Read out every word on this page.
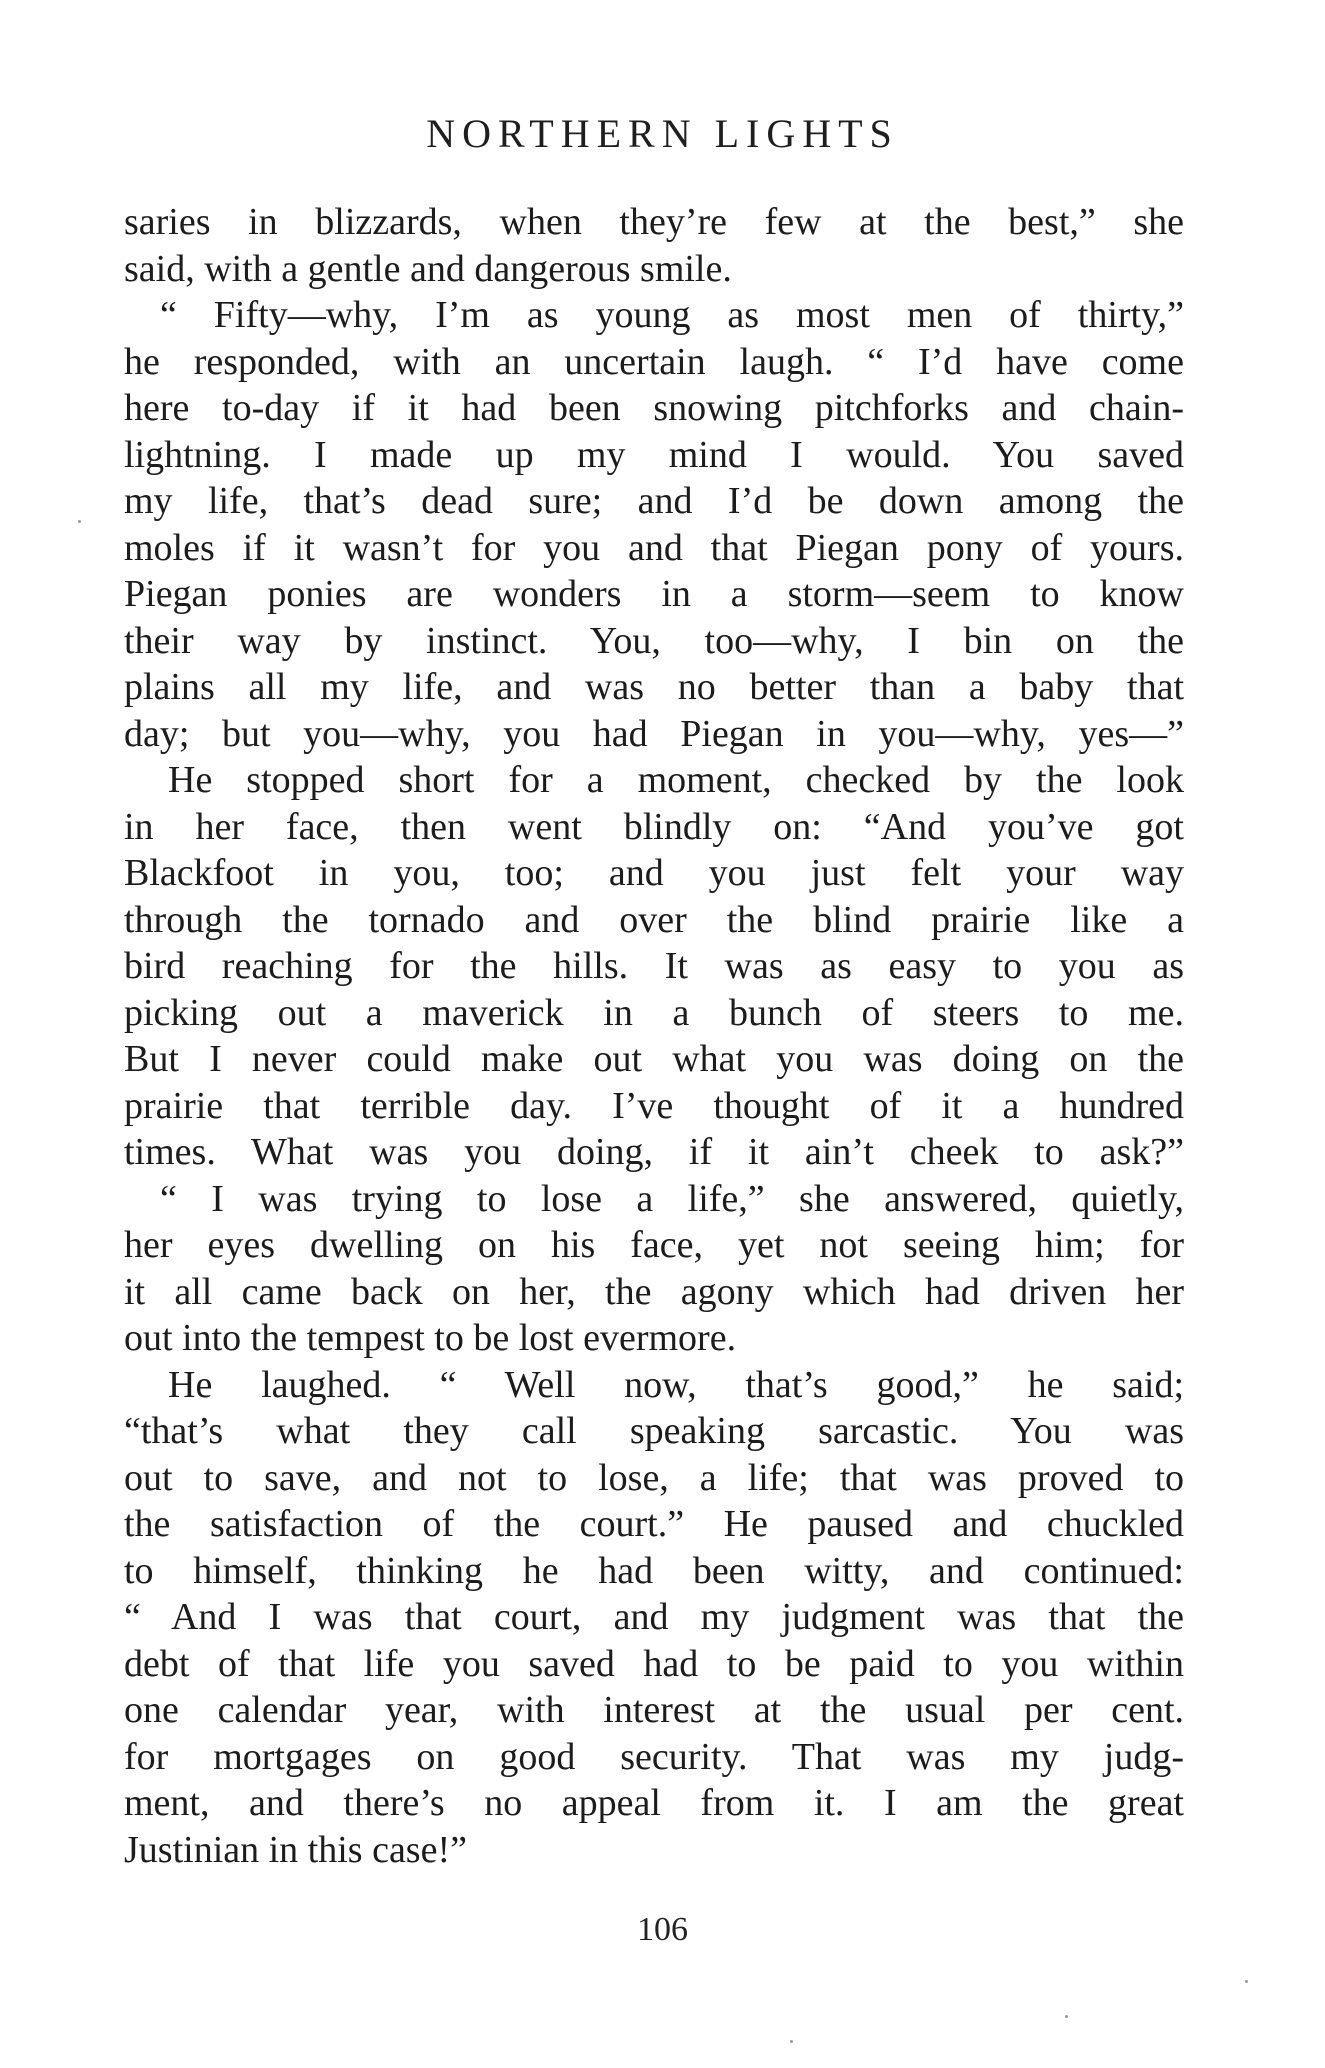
NORTHERN LIGHTS
saries in blizzards, when they’re few at the best,” she
said, with a gentle and dangerous smile.
“ Fifty—why, I’m as young as most men of thirty,”
he responded, with an uncertain laugh. “ I’d have come
here to-day if it had been snowing pitchforks and chain-
lightning. I made up my mind I would. You saved
my life, that’s dead sure; and I’d be down among the
moles if it wasn’t for you and that Piegan pony of yours.
Piegan ponies are wonders in a storm—seem to know
their way by instinct. You, too—why, I bin on the
plains all my life, and was no better than a baby that
day; but you—why, you had Piegan in you—why, yes—”
He stopped short for a moment, checked by the look
in her face, then went blindly on: “And you’ve got
Blackfoot in you, too; and you just felt your way
through the tornado and over the blind prairie like a
bird reaching for the hills. It was as easy to you as
picking out a maverick in a bunch of steers to me.
But I never could make out what you was doing on the
prairie that terrible day. I’ve thought of it a hundred
times. What was you doing, if it ain’t cheek to ask?”
“ I was trying to lose a life,” she answered, quietly,
her eyes dwelling on his face, yet not seeing him; for
it all came back on her, the agony which had driven her
out into the tempest to be lost evermore.
He laughed. “ Well now, that’s good,” he said;
“that’s what they call speaking sarcastic. You was
out to save, and not to lose, a life; that was proved to
the satisfaction of the court.” He paused and chuckled
to himself, thinking he had been witty, and continued:
“ And I was that court, and my judgment was that the
debt of that life you saved had to be paid to you within
one calendar year, with interest at the usual per cent.
for mortgages on good security. That was my judg-
ment, and there’s no appeal from it. I am the great
Justinian in this case!”
106
